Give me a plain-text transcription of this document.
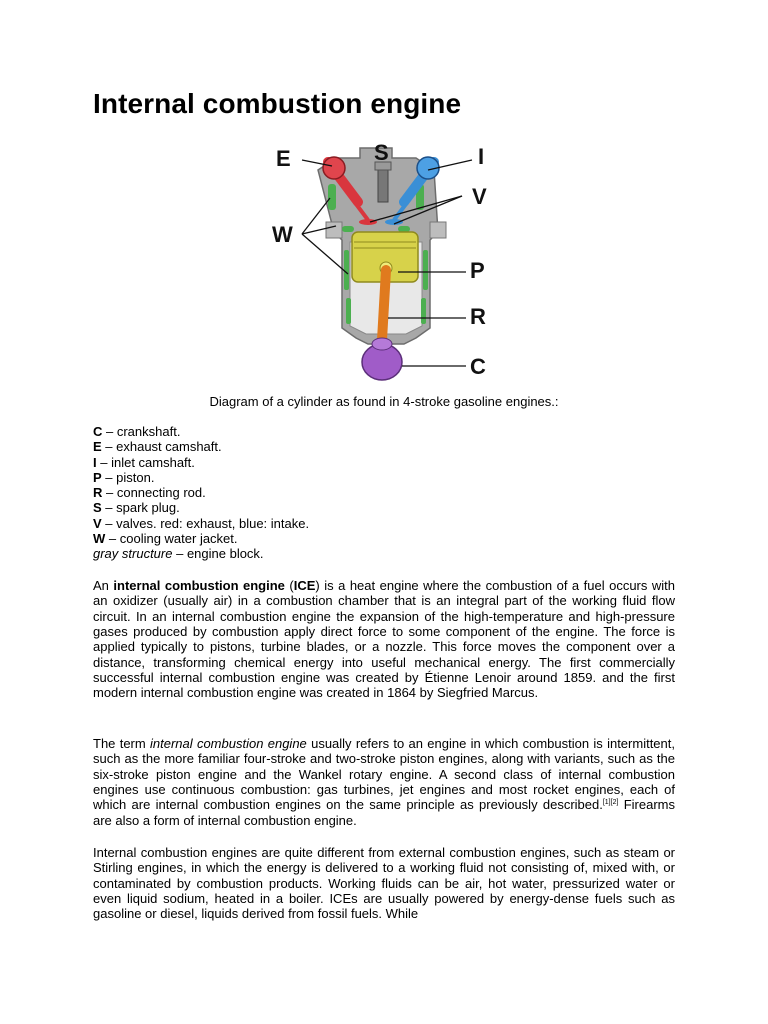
Internal combustion engine
E	S	I
V
W
P
R
C
Diagram of a cylinder as found in 4-stroke gasoline engines.:
C – crankshaft.
E – exhaust camshaft.
I – inlet camshaft.
P – piston.
R – connecting rod.
S – spark plug.
V – valves. red: exhaust, blue: intake.
W – cooling water jacket.
gray structure – engine block.

An internal combustion engine (ICE) is a heat engine where the combustion of a fuel occurs with an oxidizer (usually air) in a combustion chamber that is an integral part of the working fluid flow circuit. In an internal combustion engine the expansion of the high-temperature and high-pressure gases produced by combustion apply direct force to some component of the engine. The force is applied typically to pistons, turbine blades, or a nozzle. This force moves the component over a distance, transforming chemical energy into useful mechanical energy. The first commercially successful internal combustion engine was created by Étienne Lenoir around 1859. and the first modern internal combustion engine was created in 1864 by Siegfried Marcus.

The term internal combustion engine usually refers to an engine in which combustion is intermittent, such as the more familiar four-stroke and two-stroke piston engines, along with variants, such as the six-stroke piston engine and the Wankel rotary engine. A second class of internal combustion engines use continuous combustion: gas turbines, jet engines and most rocket engines, each of which are internal combustion engines on the same principle as previously described.[1][2] Firearms are also a form of internal combustion engine.

Internal combustion engines are quite different from external combustion engines, such as steam or Stirling engines, in which the energy is delivered to a working fluid not consisting of, mixed with, or contaminated by combustion products. Working fluids can be air, hot water, pressurized water or even liquid sodium, heated in a boiler. ICEs are usually powered by energy-dense fuels such as gasoline or diesel, liquids derived from fossil fuels. While
